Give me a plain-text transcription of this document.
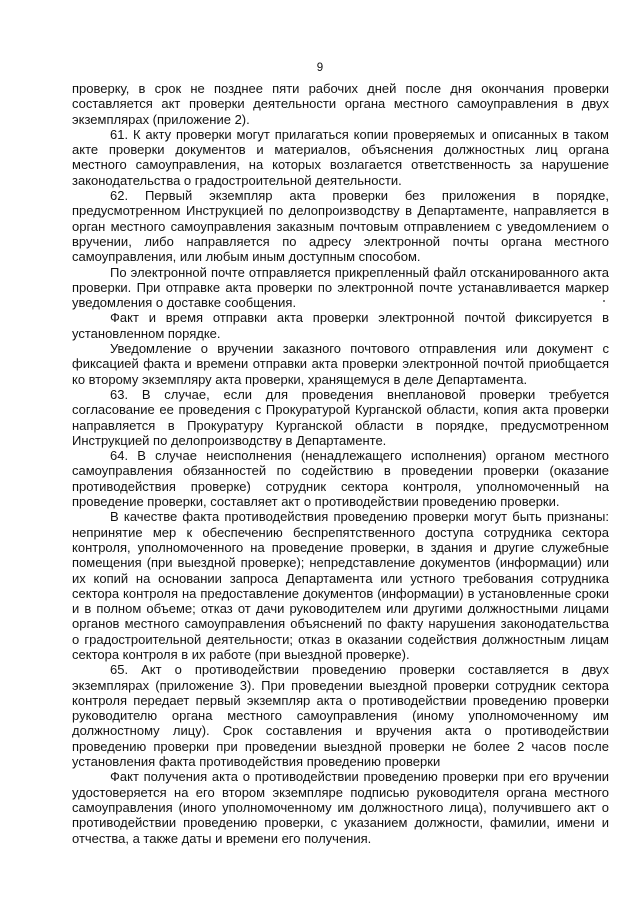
9

проверку, в срок не позднее пяти рабочих дней после дня окончания проверки составляется акт проверки деятельности органа местного самоуправления в двух экземплярах (приложение 2).

61. К акту проверки могут прилагаться копии проверяемых и описанных в таком акте проверки документов и материалов, объяснения должностных лиц органа местного самоуправления, на которых возлагается ответственность за нарушение законодательства о градостроительной деятельности.

62. Первый экземпляр акта проверки без приложения в порядке, предусмотренном Инструкцией по делопроизводству в Департаменте, направляется в орган местного самоуправления заказным почтовым отправлением с уведомлением о вручении, либо направляется по адресу электронной почты органа местного самоуправления, или любым иным доступным способом.

По электронной почте отправляется прикрепленный файл отсканированного акта проверки. При отправке акта проверки по электронной почте устанавливается маркер уведомления о доставке сообщения.

Факт и время отправки акта проверки электронной почтой фиксируется в установленном порядке.

Уведомление о вручении заказного почтового отправления или документ с фиксацией факта и времени отправки акта проверки электронной почтой приобщается ко второму экземпляру акта проверки, хранящемуся в деле Департамента.

63. В случае, если для проведения внеплановой проверки требуется согласование ее проведения с Прокуратурой Курганской области, копия акта проверки направляется в Прокуратуру Курганской области в порядке, предусмотренном Инструкцией по делопроизводству в Департаменте.

64. В случае неисполнения (ненадлежащего исполнения) органом местного самоуправления обязанностей по содействию в проведении проверки (оказание противодействия проверке) сотрудник сектора контроля, уполномоченный на проведение проверки, составляет акт о противодействии проведению проверки.

В качестве факта противодействия проведению проверки могут быть признаны: непринятие мер к обеспечению беспрепятственного доступа сотрудника сектора контроля, уполномоченного на проведение проверки, в здания и другие служебные помещения (при выездной проверке); непредставление документов (информации) или их копий на основании запроса Департамента или устного требования сотрудника сектора контроля на предоставление документов (информации) в установленные сроки и в полном объеме; отказ от дачи руководителем или другими должностными лицами органов местного самоуправления объяснений по факту нарушения законодательства о градостроительной деятельности; отказ в оказании содействия должностным лицам сектора контроля в их работе (при выездной проверке).

65. Акт о противодействии проведению проверки составляется в двух экземплярах (приложение 3). При проведении выездной проверки сотрудник сектора контроля передает первый экземпляр акта о противодействии проведению проверки руководителю органа местного самоуправления (иному уполномоченному им должностному лицу). Срок составления и вручения акта о противодействии проведению проверки при проведении выездной проверки не более 2 часов после установления факта противодействия проведению проверки

Факт получения акта о противодействии проведению проверки при его вручении удостоверяется на его втором экземпляре подписью руководителя органа местного самоуправления (иного уполномоченному им должностного лица), получившего акт о противодействии проведению проверки, с указанием должности, фамилии, имени и отчества, а также даты и времени его получения.
